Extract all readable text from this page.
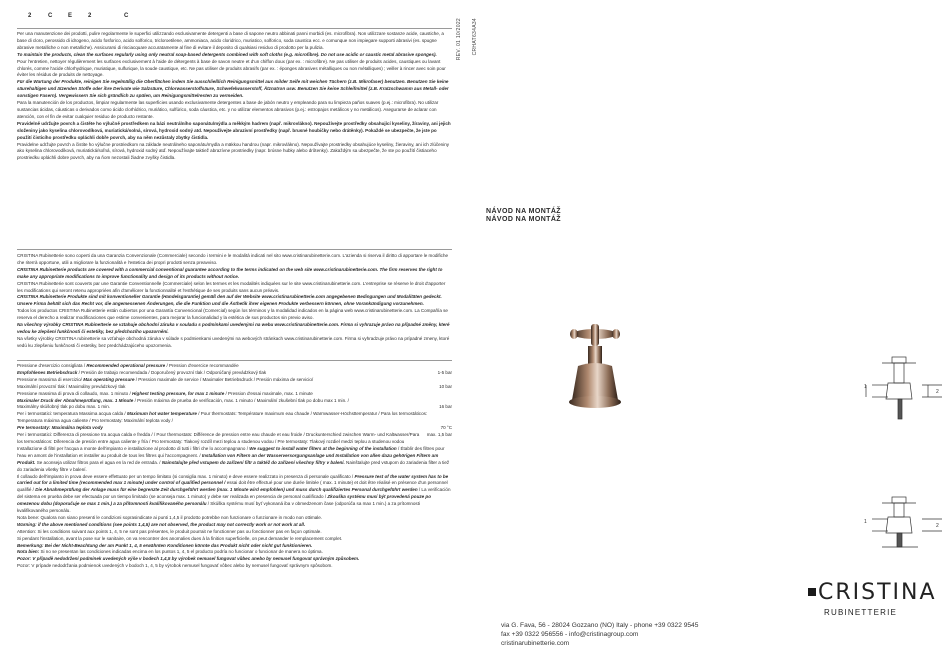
2	C	E	2	C

Per una manutenzione dei prodotti, pulire regolarmente le superfici utilizzando esclusivamente detergenti a base di sapone neutro abbinati panni morbidi (es. microfibra). Non utilizzare sostanze acide, caustiche, a base di cloro, perossido di idrogeno, acido fosforico, acido solforico, tricloroetilene, ammoniaca, acido cloridrico, muriatico, solforico, soda caustica ecc. e comunque non impiegare supporti abrasivi (es. spugne abrasive metalliche o non metalliche). Assicurarsi di risciacquare accuratamente al fine di evitare il deposito di qualsiasi residuo di prodotto per la pulizia.

To maintain the products, clean the surfaces regularly using only neutral soap-based detergents combined with soft cloths (e.g. microfibre). Do not use acidic or caustic metal abrasive sponges).

Pour l'entretien, nettoyer régulièrement les surfaces exclusivement à l'aide de détergents à base de savon neutre et d'un chiffon doux (par ex. : microfibre). Ne pas utiliser de produits acides, caustiques ou lavant chlorés, comme l'acide chlorhydrique, muriatique, sulfurique, la soude caustique, etc. Ne pas utiliser de produits abrasifs (par ex. : éponges abrasives métalliques ou non métalliques) ; veiller à rincer avec soin pour éviter les résidus de produits de nettoyage.

Für die Wartung der Produkte, reinigen Sie regelmäßig die Oberflächen indem Sie ausschließlich Reinigungsmittel aus milder Seife mit weichen Tüchern (z.B. Mikrofaser) benutzen. Benutzen Sie keine säurehaltigen und ätzenden Stoffe oder ihre Derivate wie Salzsäure, Chlorwasserstoffsäure, Schwefelwasserstoff, Ätznatron usw. Benutzen Sie keine Schleifmittel (z.B. Kratzschwamm aus Metall- oder sonstigen Fasern). Vergewissern Sie sich gründlich zu spülen, um Reinigungsmittelresten zu vermeiden.

Para la manutención de los productos, limpiar regularmente las superficies usando exclusivamente detergentes a base de jabón neutro y empleando para su limpieza paños suaves (p.ej.: microfibra). No utilizar sustancias ácidas, cáusticas o derivados como ácido clorhídrico, muriático, sulfúrico, soda cáustica, etc. y no utilizar elementos abrasivos (p.ej.: estropajos metálicos y no metálicos). Asegurarse de aclarar con atención, con el fin de evitar cualquier residuo de producto restante.

Pravidelně udržujte povrch a čistěte ho výlučně prostředkem na bázi neutrálního saponátu/mýdla a měkkým hadrem (např. mikrovlákno). Nepoužívejte prostředky obsahující kyseliny, žíraviny, ani jejich složeniny jako kyselina chlorovodíková, muriatická/solná, sírová, hydroxid sodný atd. Nepoužívejte abrazivní prostředky (např. brusné houbičky nebo drátěnky). Pokaždé se ubezpečte, že jste po použití čisticího prostředku opláchli dobře povrch, aby na něm nezůstaly zbytky čistidla.

Pravidelne udržujte povrch a čistite ho výlučne prostriedkom na základe neutrálneho saponátu/mydla a mäkkou handrou (napr. mikrovlákno). Nepoužívajte prostriedky obsahujúce kyseliny, žieraviny, ani ich zlúčeniny ako kyselina chlorovodíková, muriatická/soľná, sírová, hydroxid sodný atď. Nepoužívajte taktiež abrazívne prostriedky (napr. brúsne hubky alebo drôtenky). Zakaždým sa ubezpečte, že ste po použití čistiaceho prostriedku opláchli dobre povrch, aby na ňom nezostali žiadne zvyšky čistidla.

CRISTINA Rubinetterie sono coperti da una Garanzia Convenzionale (Commerciale) secondo i termini e le modalità indicati nel sito www.cristinarubinetterie.com. L'azienda si riserva il diritto di apportare le modifiche che riterrà opportune, utili a migliorare la funzionalità e l'estetica dei propri prodotti senza preavviso.

CRISTINA Rubinetterie products are covered with a commercial conventional guarantee according to the terms indicated on the web site www.cristinarubinetterie.com. The firm reserves the right to make any appropriate modifications to improve functionality and design of its products without notice.

CRISTINA Rubinetterie sont couverts par une Garantie Conventionnelle (Commerciale) selon les termes et les modalités indiquées sur le site www.cristinarubinetterie.com. L'entreprise se réserve le droit d'apporter les modifications qui seront retenu appropriées afin d'améliorer la fonctionnalité et l'esthétique de ses produits sans aucun préavis.

CRISTINA Rubinetterie Produkte sind mit konventioneller Garantie (Handelsgarantie) gemäß den auf der Website www.cristinarubinetterie.com angegebenen Bedingungen und Modalitäten gedeckt. Unsere Firma behält sich das Recht vor, die angemessenen Änderungen, die die Funktion und die Ästhetik ihrer eigenen Produkte verbessern können, ohne Vorankündigung vorzunehmen.

Todos los productos CRISTINA Rubinetterie están cubiertos por una Garantía Convencional (Comercial) según los términos y la modalidad indicados en la página web www.cristinarubinetterie.com. La Compañía se reserva el derecho a realizar modificaciones que estime convenientes, para mejorar la funcionalidad y la estética de sus productos sin previo aviso.

Na všechny výrobky CRISTINA Rubinetterie se vztahuje obchodní záruka v souladu s podmínkami uvedenými na webu www.cristinarubinetterie.com. Firma si vyhrazuje právo na případné změny, které vedou ke zlepšení funkčnosti či estetiky, bez předchozího upozornění.

Na všetky výrobky CRISTINA rubinetterie sa vzťahuje obchodná záruka v súlade s podmienkami uvedenými na webových stránkach www.cristinarubinetterie.com. Firma si vyhradzuje právo na prípadné zmeny, ktoré vedú ku zlepšeniu funkčnosti či estetiky, bez predchádzajúceho upozornenia.

Pressione d'esercizio consigliata / Recommended operational pressure / Pression d'exercice recommandée

Empfohlenes Betriebsdruck / Presión de trabajo recomendada / Doporučený provozní tlak / Odporúčaný prevádzkový tlak	1-5 bar

Pressione massima di esercizio/ Max operating pressure / Pression maximale de service / Maximaler Betriebsdruck / Presión máxima de servicio/

Maximální provozní tlak / Maximálny prevádzkový tlak	10 bar

Pressione massima di prova di collaudo, max. 1 minuto / Highest testing pressure, for max 1 minute / Pression d'essai maximale, max. 1 minute

Maximaler Druck der Abnahmeprüfung, max. 1 Minute / Presión máxima de prueba de verificación, max. 1 minuto / Maximální zkušební tlak po dobu max 1 min. /

Maximálny skúšobný tlak po dobu max. 1 min.	16 bar

Per i termostatici: temperatura Massima acqua calda / Maximum hot water temperature / Pour thermostats: Température maximum eau chaude / Warmwasser-Höchsttemperatur / Para los termostáticos: Temperatura máxima agua caliente / Pro termostaty: Maximální teplota vody /

Pre termostaty: Maximálna teplota vody	70 °C

Per i termostatici: Differenza di pressione tra acqua calda e fredda / / Pour thermostats: Différence de pression entre eau chaude et eau froide / Druckunterschied zwischen Warm- und Kaltwasser/Para los termostáticos: Diferencia de presión entre agua caliente y fría / Pro termostaty: Tlakový rozdíl mezi teplou a studenou vodou / Pre termostaty: Tlakový rozdiel medzi teplou a studenou vodou
max. 1,5 bar

Installazione di filtri per l'acqua a monte dell'impianto e installazione al prodotto di tutti i filtri che lo accompagnano / We suggest to install water filters at the beginning of the installation / Établir des filtres pour l'eau en amont de l'installation et installer au produit de tous les filtres qui l'accompagnent. / Installation von Filtern an der Wasserversorgungsanlage und Installation von allen dazu gehörigen Filtern am Produkt. Se aconseja utilizar filtros para el agua en la red de entrada. / Nainstalujte před vstupem do zařízení filtr a taktéž do zařízení všechny filtry v balení. Nainštalujte pred vstupom do zariadenia filter a tiež do zariadenia všetky filtre v balení.

Il collaudo dell'impianto in prova deve essere effettuato per un tempo limitato (si consiglia max. 1 minuto) e deve essere realizzato in presenza di personale qualificato / Pressure test of the water system has to be carried out for a limited time (recommended max 1 minute) under control of qualified personnel / essai doit être effectué pour une durée limitée ( max. 1 minute) et doit être réalisé en présence d'un personnel qualifié / Die Abnahmeprüfung der Anlage muss für eine begrenzte Zeit durchgeführt werden (max. 1 Minute wird empfohlen) und muss durch qualifiziertes Personal durchgeführt werden / La verificación del sistema en prueba debe ser efectuada por un tiempo limitado (se aconseja max. 1 minuto) y debe ser realizada en presencia de personal cualificado / Zkouška systému musí být provedená pouze po omezenou dobu (doporučuje se max 1 min.) a za přítomnosti kvalifikovaného personálu / Skúška systému musí byť vykonaná iba v obmedzenom čase (odporúča sa max 1 min.) a za prítomnosti kvalifikovaného personálu.

Nota bene: Qualora non siano presenti le condizioni soprasindicate ai punti 1,4,5 il prodotto potrebbe non funzionare o funzionare in modo non ottimale.

Warning: if the above mentioned conditions (see points 1,4,5) are not observed, the product may not correctly work or not work at all.

Attention: Si les conditions suivant aux points 1, 4, 5 ne sont pas présentes, le produit pourrait ne fonctionner pas ou fonctionner pas en façon optimale.

Si pendant l'installation, avant la pose sur le sanitaire, on va rencontrer des anomalies dues à la finition superficielle, on peut demander le remplacement complet.

Bemerkung: Bei der Nicht-Beachtung der am Punkt 1, 4, 5 erwähnten Konditionen könnte das Produkt nicht oder nicht gut funktionieren.

Nota bien: Si no se presentan las condiciones indicadas encima en los puntos 1, 4, 5 el producto podría no funcionar o funcionar de manera no óptima.

Pozor: V případě nedodržení podmínek uvedených výše v bodech 1,4,5 by výrobek nemusel fungovat vůbec anebo by nemusel fungovat správným způsobem.

Pozor: V prípade nedodržania podmienok uvedených v bodoch 1, 4, 5 by výrobok nemusel fungovať vôbec alebo by nemusel fungovať správnym spôsobom.

REV. 01 10/2022 CRHAT634A34
NÁVOD NA MONTÁŽ
NÁVOD NA MONTÁŽ
1
2
1
2
CRISTINA
RUBINETTERIE
via G. Fava, 56 - 28024 Gozzano (NO) Italy - phone +39 0322 9545
fax +39 0322 956556 - info@cristinagroup.com
cristinarubinetterie.com
